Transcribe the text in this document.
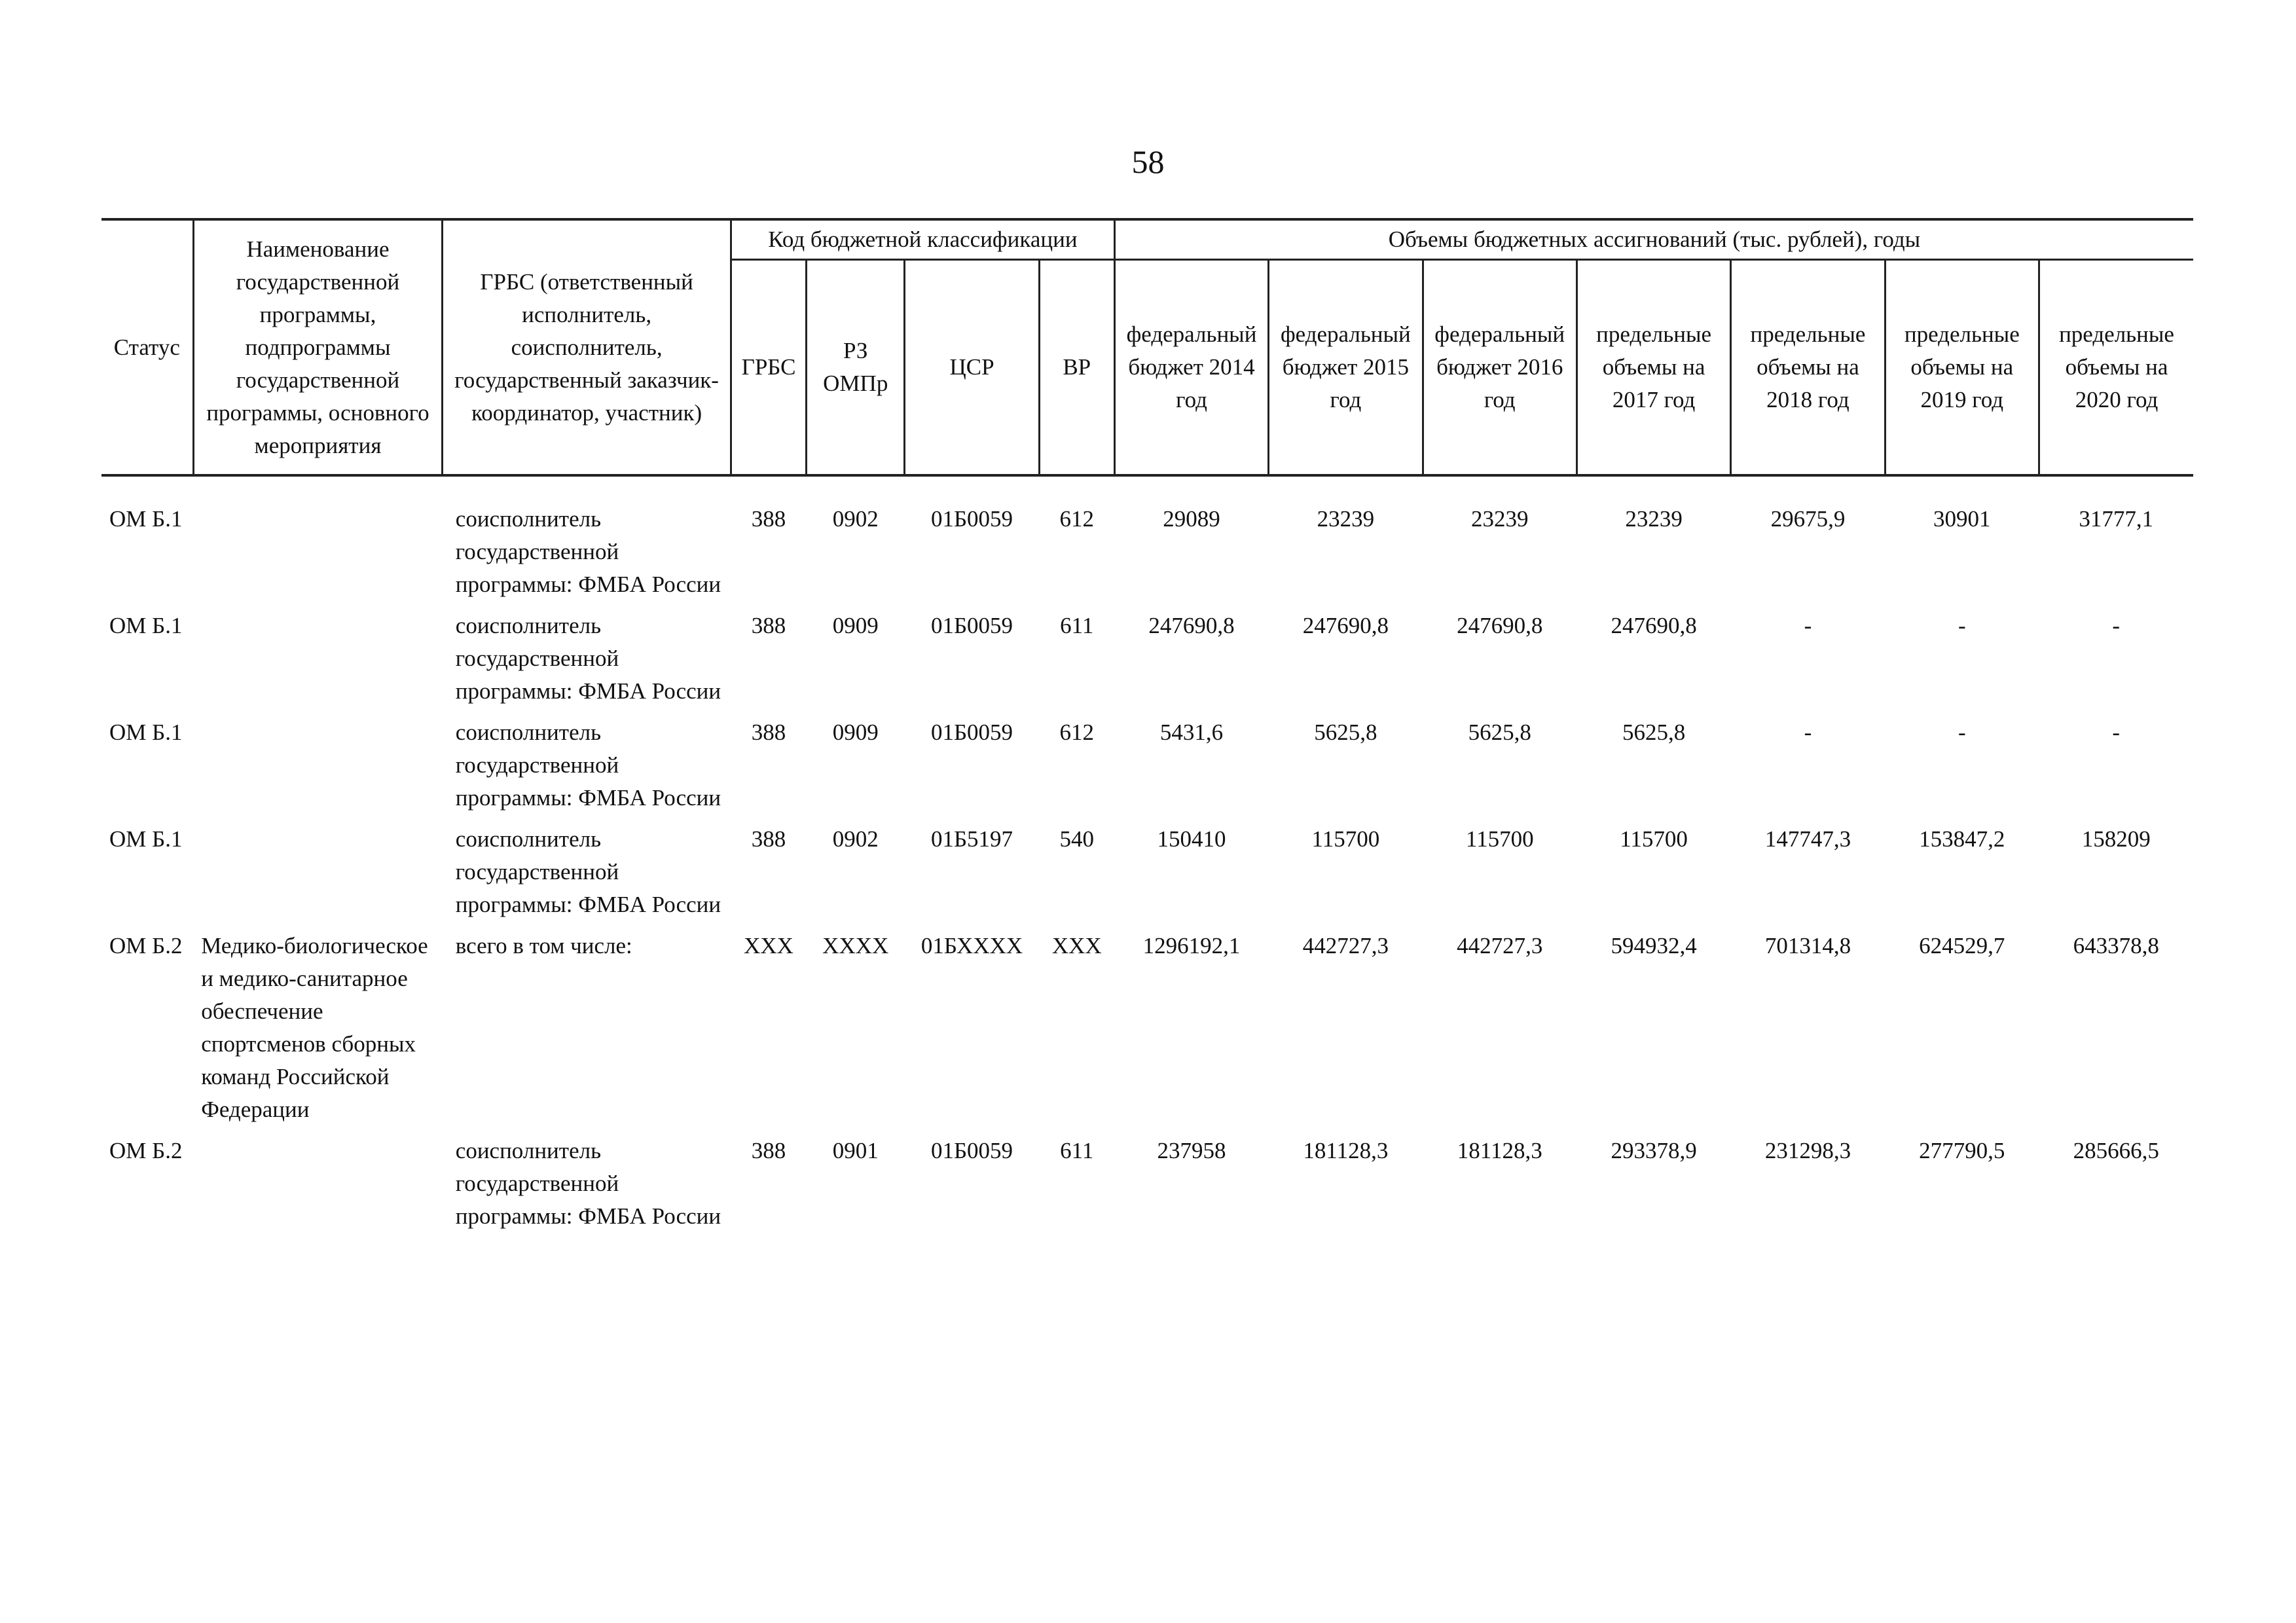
58
Статус	Наименование государственной программы, подпрограммы государственной программы, основного мероприятия	ГРБС (ответственный исполнитель, соисполнитель, государственный заказчик-координатор, участник)	Код бюджетной классификации				Объемы бюджетных ассигнований (тыс. рублей), годы						
			ГРБС	РЗ ОМПр	ЦСР	ВР	федеральный бюджет 2014 год	федеральный бюджет 2015 год	федеральный бюджет 2016 год	предельные объемы на 2017 год	предельные объемы на 2018 год	предельные объемы на 2019 год	предельные объемы на 2020 год

ОМ Б.1		соисполнитель государственной программы: ФМБА России	388	0902	01Б0059	612	29089	23239	23239	23239	29675,9	30901	31777,1
ОМ Б.1		соисполнитель государственной программы: ФМБА России	388	0909	01Б0059	611	247690,8	247690,8	247690,8	247690,8	-	-	-
ОМ Б.1		соисполнитель государственной программы: ФМБА России	388	0909	01Б0059	612	5431,6	5625,8	5625,8	5625,8	-	-	-
ОМ Б.1		соисполнитель государственной программы: ФМБА России	388	0902	01Б5197	540	150410	115700	115700	115700	147747,3	153847,2	158209
ОМ Б.2	Медико-биологическое и медико-санитарное обеспечение спортсменов сборных команд Российской Федерации	всего в том числе:	ХХХ	ХХХХ	01БХХХХ	ХХХ	1296192,1	442727,3	442727,3	594932,4	701314,8	624529,7	643378,8
ОМ Б.2		соисполнитель государственной программы: ФМБА России	388	0901	01Б0059	611	237958	181128,3	181128,3	293378,9	231298,3	277790,5	285666,5
